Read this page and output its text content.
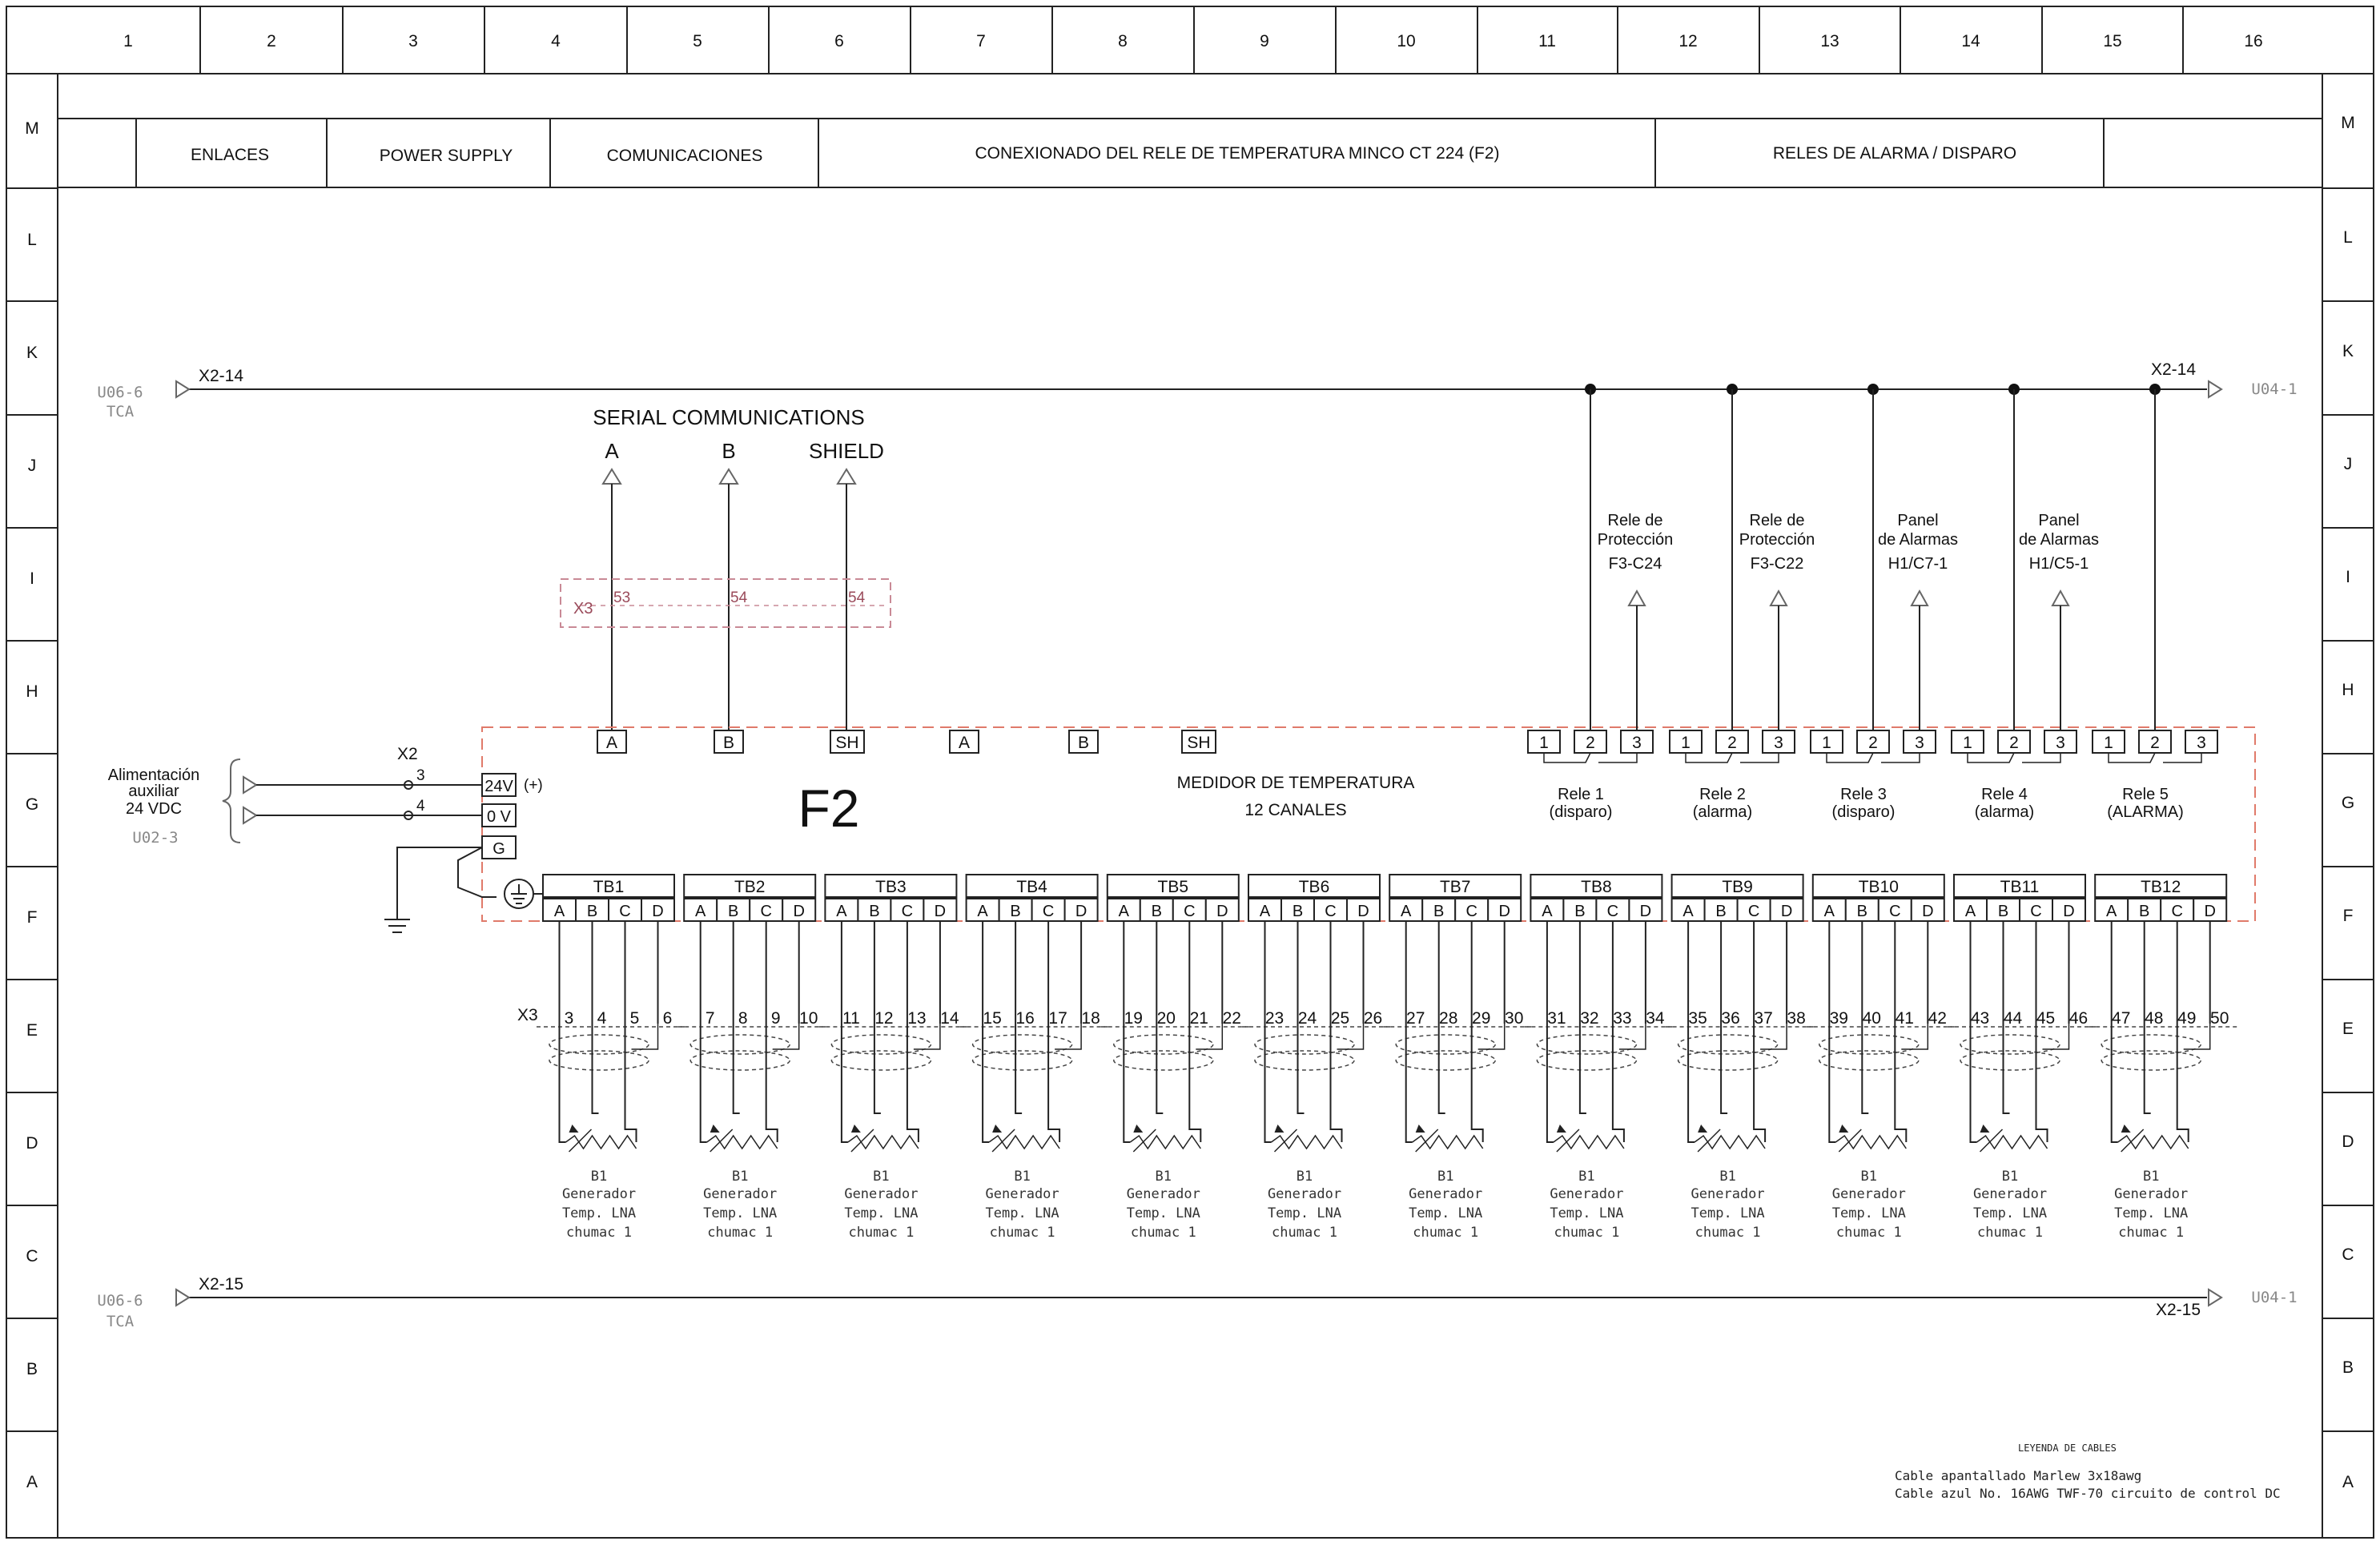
1	2	3	4	5	6	7	8	9	10	11	12	13	14	15	16
M	M
L	L
K	K
J	J
I	I
H	H
G	G
F	F
E	E
D	D
C	C
B	B
A	A
ENLACES	POWER SUPPLY	COMUNICACIONES	CONEXIONADO DEL RELE DE TEMPERATURA MINCO CT 224 (F2)	RELES DE ALARMA / DISPARO
X2-14	X2-14
U06-6
TCA
U04-1
X2-15
X2-15
U06-6
TCA
U04-1
SERIAL COMMUNICATIONS
A	B	SHIELD
X3
53	54	54
F2	MEDIDOR DE TEMPERATURA
12 CANALES
A	B	SH	A	B	SH
Alimentación
auxiliar
24 VDC
U02-3
X2
3
4
24V (+)
0 V
G
1 2 3
Rele 1
(disparo)
Rele de
Protección
F3-C24
1 2 3
Rele 2
(alarma)
Rele de
Protección
F3-C22
1 2 3
Rele 3
(disparo)
Panel
de Alarmas
H1/C7-1
1 2 3
Rele 4
(alarma)
Panel
de Alarmas
H1/C5-1
1 2 3
Rele 5
(ALARMA)
TB1
A B C D
3 4 5 6
B1
Generador
Temp. LNA
chumac 1
TB2
A B C D
7 8 9 10
B1
Generador
Temp. LNA
chumac 1
TB3
A B C D
11 12 13 14
B1
Generador
Temp. LNA
chumac 1
TB4
A B C D
15 16 17 18
B1
Generador
Temp. LNA
chumac 1
TB5
A B C D
19 20 21 22
B1
Generador
Temp. LNA
chumac 1
TB6
A B C D
23 24 25 26
B1
Generador
Temp. LNA
chumac 1
TB7
A B C D
27 28 29 30
B1
Generador
Temp. LNA
chumac 1
TB8
A B C D
31 32 33 34
B1
Generador
Temp. LNA
chumac 1
TB9
A B C D
35 36 37 38
B1
Generador
Temp. LNA
chumac 1
TB10
A B C D
39 40 41 42
B1
Generador
Temp. LNA
chumac 1
TB11
A B C D
43 44 45 46
B1
Generador
Temp. LNA
chumac 1
TB12
A B C D
47 48 49 50
B1
Generador
Temp. LNA
chumac 1
X3
LEYENDA DE CABLES
Cable apantallado Marlew 3x18awg
Cable azul No. 16AWG TWF-70 circuito de control DC
